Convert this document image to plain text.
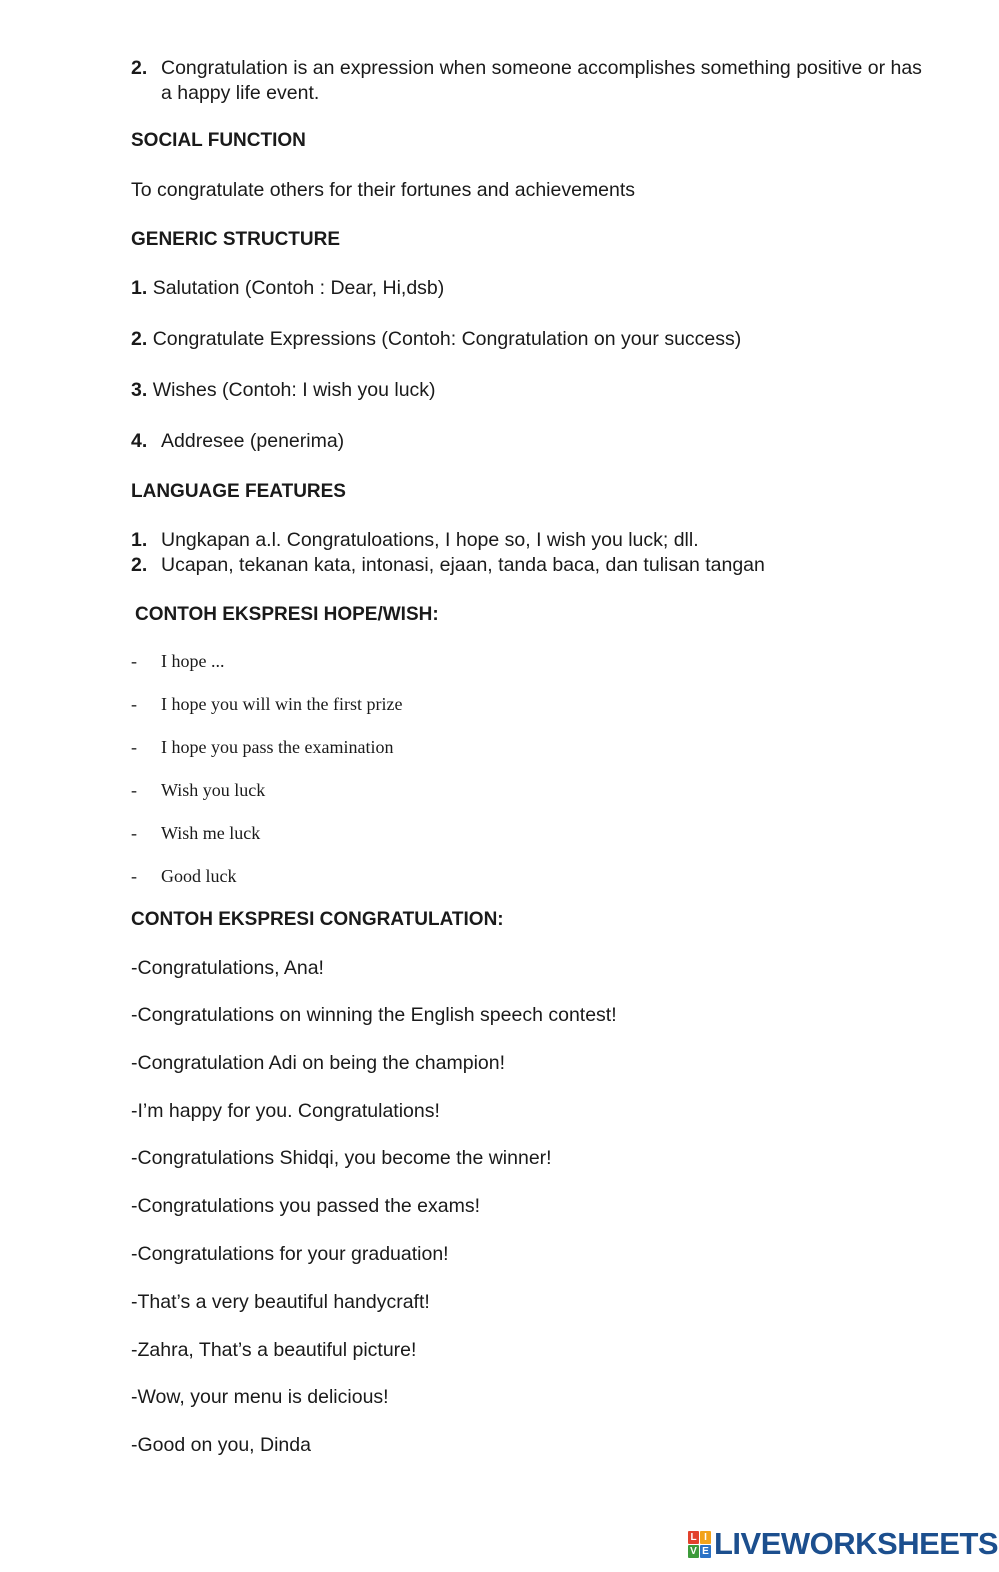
2. Congratulation is an expression when someone accomplishes something positive or has a happy life event.
SOCIAL FUNCTION
To congratulate others for their fortunes and achievements
GENERIC STRUCTURE
1. Salutation (Contoh : Dear, Hi,dsb)
2. Congratulate Expressions (Contoh: Congratulation on your success)
3. Wishes (Contoh: I wish you luck)
4. Addresee (penerima)
LANGUAGE FEATURES
1. Ungkapan a.l. Congratuloations, I hope so, I wish you luck; dll.
2. Ucapan, tekanan kata, intonasi, ejaan, tanda baca, dan tulisan tangan
CONTOH EKSPRESI HOPE/WISH:
- I hope ...
- I hope you will win the first prize
- I hope you pass the examination
- Wish you luck
- Wish me luck
- Good luck
CONTOH EKSPRESI CONGRATULATION:
-Congratulations, Ana!
-Congratulations on winning the English speech contest!
-Congratulation Adi on being the champion!
-I’m happy for you. Congratulations!
-Congratulations Shidqi, you become the winner!
-Congratulations you passed the exams!
-Congratulations for your graduation!
-That’s a very beautiful handycraft!
-Zahra, That’s a beautiful picture!
-Wow, your menu is delicious!
-Good on you, Dinda
L I
V E LIVEWORKSHEETS
